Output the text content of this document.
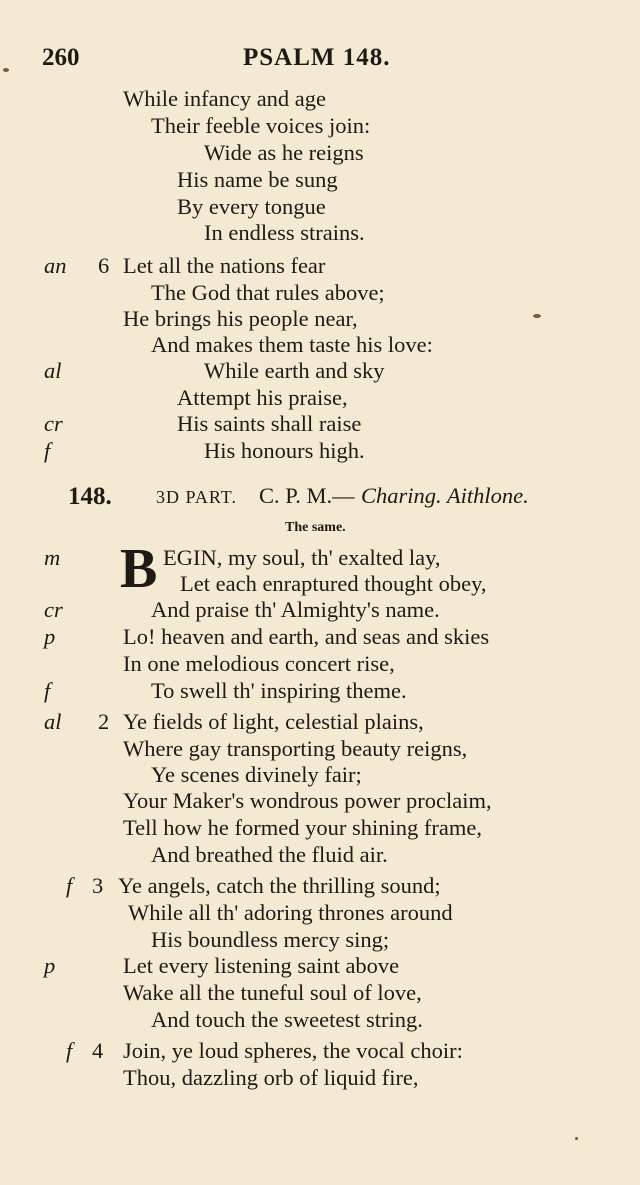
260	PSALM 148.
While infancy and age
Their feeble voices join:
Wide as he reigns
His name be sung
By every tongue
In endless strains.
an 6 Let all the nations fear
The God that rules above;
He brings his people near,
And makes them taste his love:
al	While earth and sky
Attempt his praise,
cr	His saints shall raise
f	His honours high.
148. 3D PART. C. P. M.— Charing. Aithlone.
The same.
B
m	EGIN, my soul, th' exalted lay,
Let each enraptured thought obey,
cr	And praise th' Almighty's name.
p	Lo! heaven and earth, and seas and skies
In one melodious concert rise,
f	To swell th' inspiring theme.
al 2 Ye fields of light, celestial plains,
Where gay transporting beauty reigns,
Ye scenes divinely fair;
Your Maker's wondrous power proclaim,
Tell how he formed your shining frame,
And breathed the fluid air.
f 3 Ye angels, catch the thrilling sound;
While all th' adoring thrones around
His boundless mercy sing;
p	Let every listening saint above
Wake all the tuneful soul of love,
And touch the sweetest string.
f 4 Join, ye loud spheres, the vocal choir:
Thou, dazzling orb of liquid fire,
